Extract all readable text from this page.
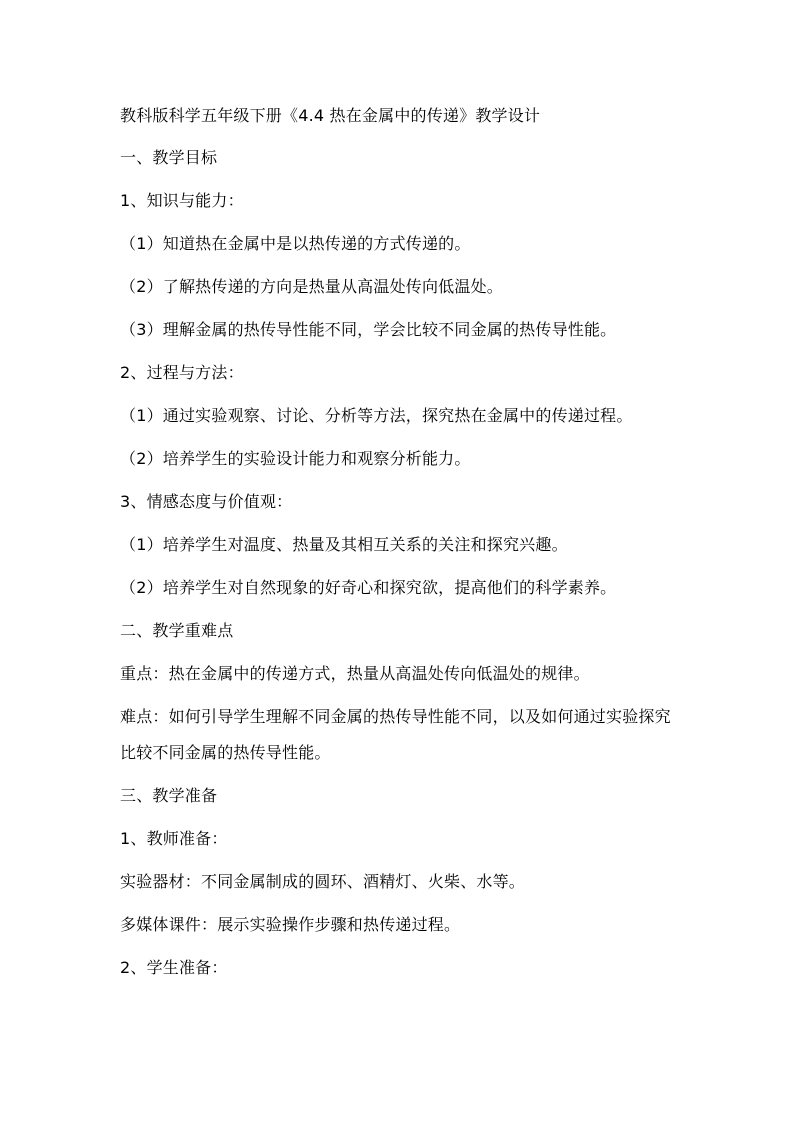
教科版科学五年级下册《4.4 热在金属中的传递》教学设计
一、教学目标
1、知识与能力：
（1）知道热在金属中是以热传递的方式传递的。
（2）了解热传递的方向是热量从高温处传向低温处。
（3）理解金属的热传导性能不同，学会比较不同金属的热传导性能。
2、过程与方法：
（1）通过实验观察、讨论、分析等方法，探究热在金属中的传递过程。
（2）培养学生的实验设计能力和观察分析能力。
3、情感态度与价值观：
（1）培养学生对温度、热量及其相互关系的关注和探究兴趣。
（2）培养学生对自然现象的好奇心和探究欲，提高他们的科学素养。
二、教学重难点
重点：热在金属中的传递方式，热量从高温处传向低温处的规律。
难点：如何引导学生理解不同金属的热传导性能不同，以及如何通过实验探究比较不同金属的热传导性能。
三、教学准备
1、教师准备：
实验器材：不同金属制成的圆环、酒精灯、火柴、水等。
多媒体课件：展示实验操作步骤和热传递过程。
2、学生准备：
